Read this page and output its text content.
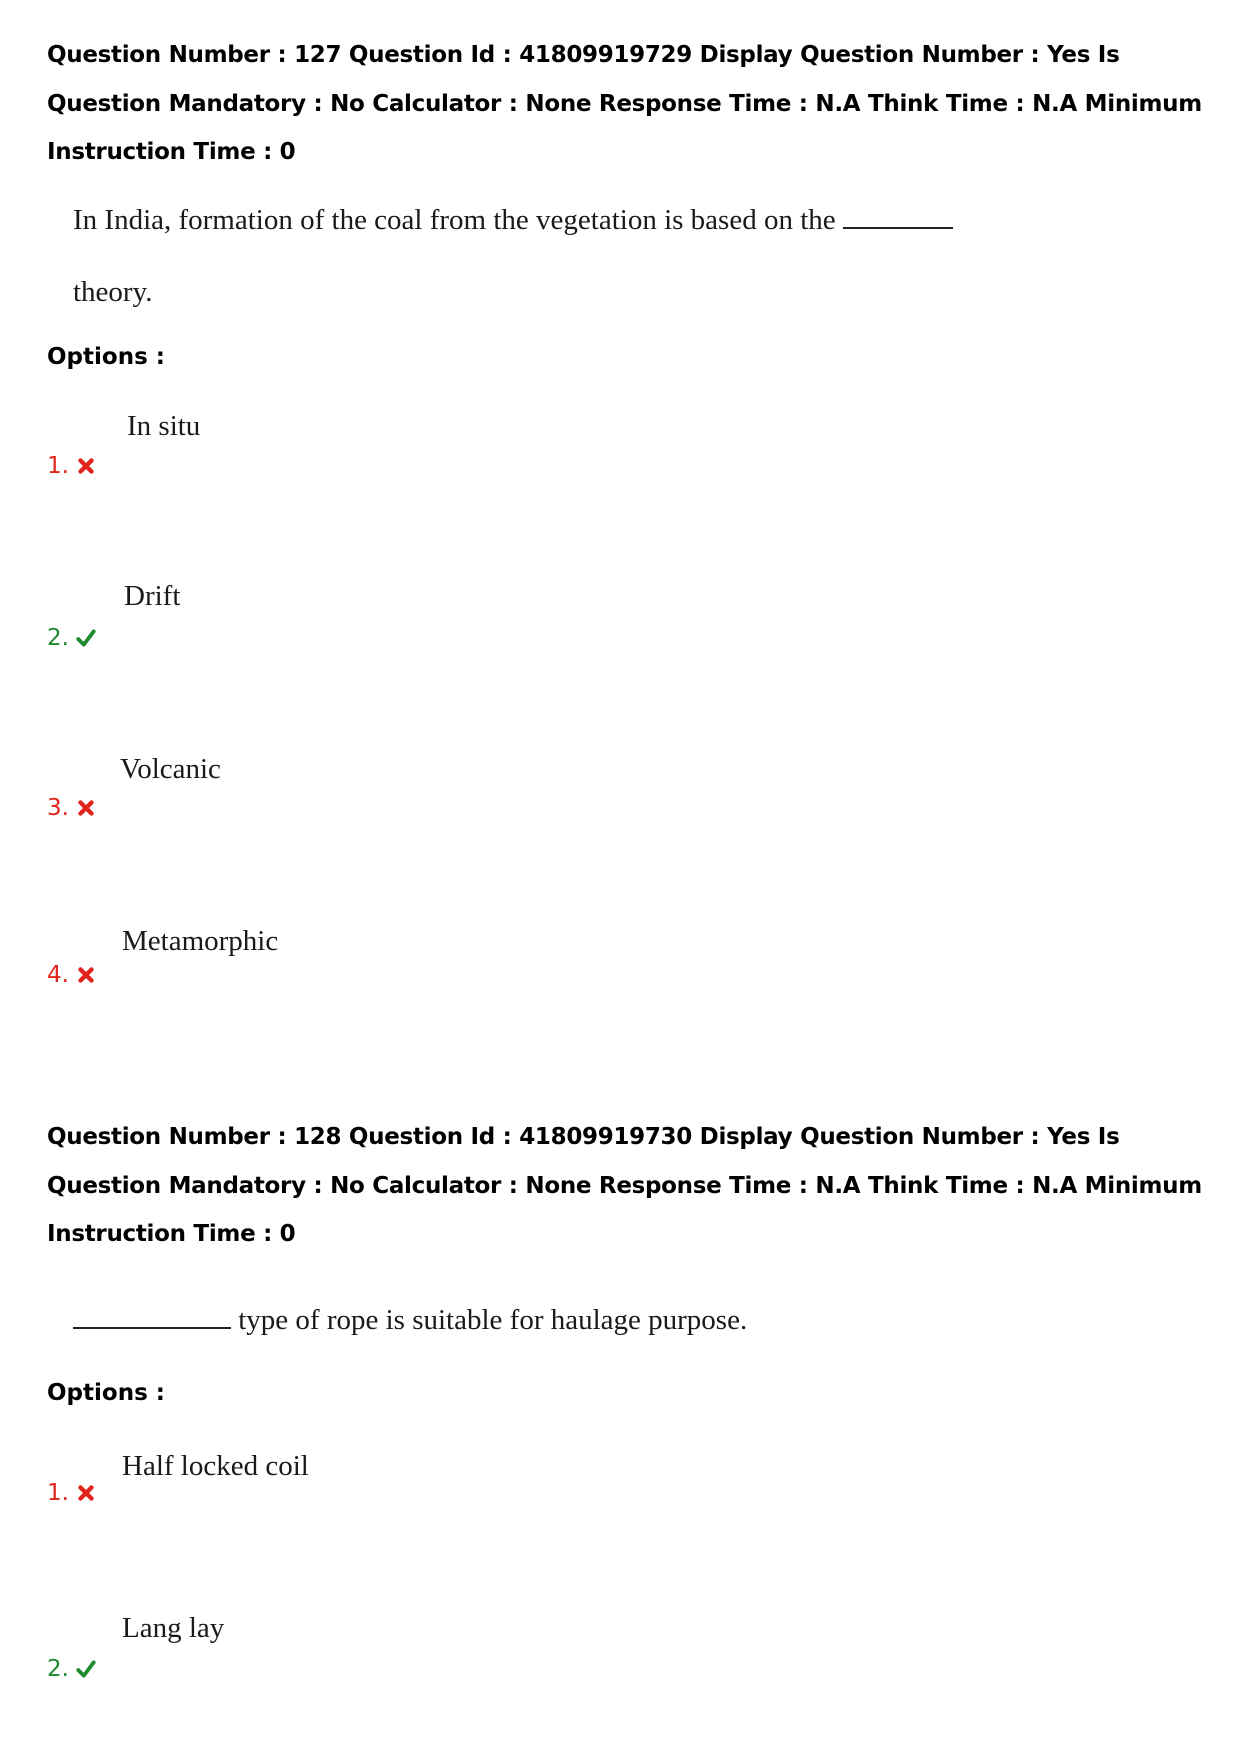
Question Number : 127 Question Id : 41809919729 Display Question Number : Yes Is Question Mandatory : No Calculator : None Response Time : N.A Think Time : N.A Minimum Instruction Time : 0

In India, formation of the coal from the vegetation is based on the

theory.

Options :

In situ

1.

Drift

2.

Volcanic

3.

Metamorphic

4.

Question Number : 128 Question Id : 41809919730 Display Question Number : Yes Is Question Mandatory : No Calculator : None Response Time : N.A Think Time : N.A Minimum Instruction Time : 0

type of rope is suitable for haulage purpose.

Options :

Half locked coil

1.

Lang lay

2.
